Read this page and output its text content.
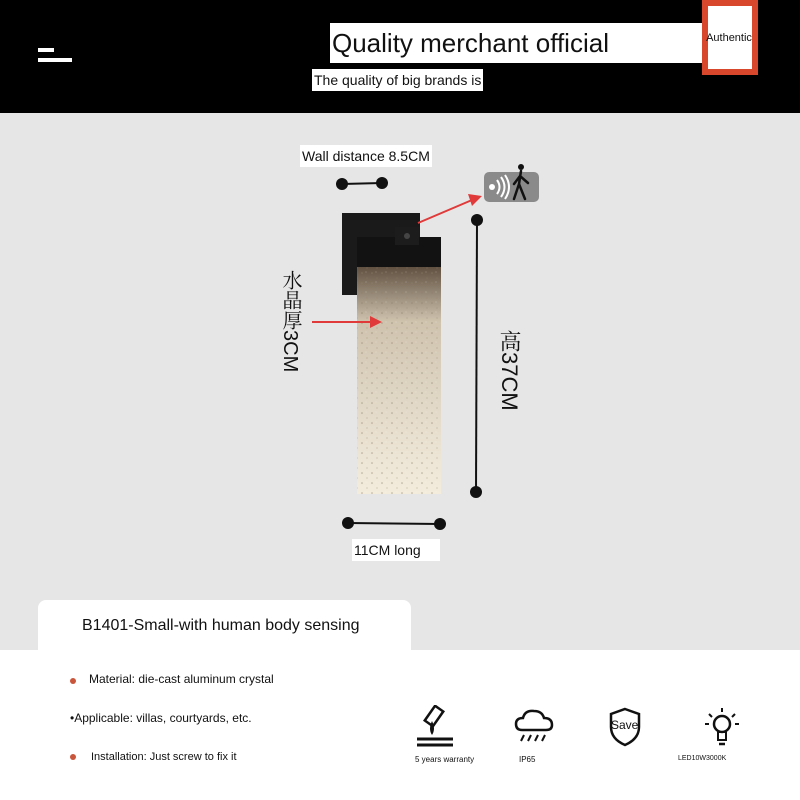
Quality merchant official
The quality of big brands is
Authentic
Wall distance 8.5CM
水晶厚3CM	高37CM
11CM long
B1401-Small-with human body sensing
Material: die-cast aluminum crystal
•Applicable: villas, courtyards, etc.
Installation: Just screw to fix it	5 years warranty	IP65
Save
LED10W3000K
